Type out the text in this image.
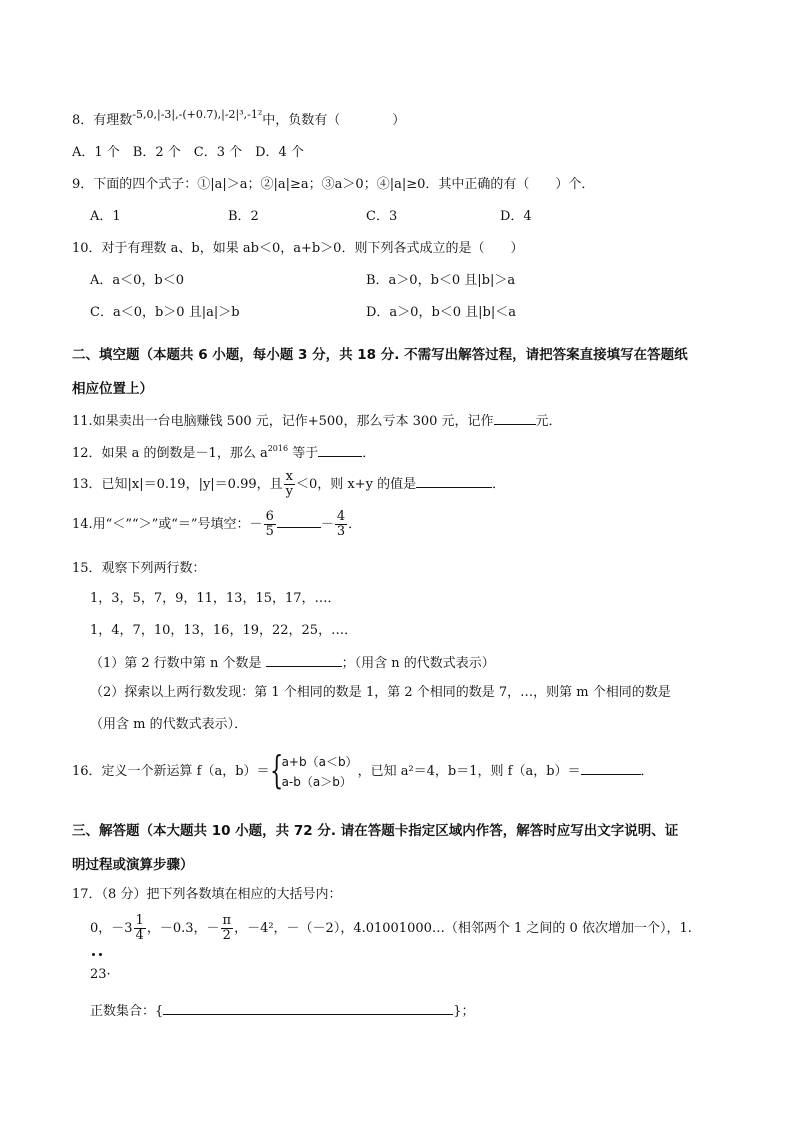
8．有理数$^{-5,0,|-3|,-(+0.7),|-2|^3,-1^2}$中，负数有（　　　　）
A．1 个　B．2 个　C．3 个　D．4 个
9．下面的四个式子：①|a|＞a；②|a|≥a；③a＞0；④|a|≥0．其中正确的有（　　）个．
A．1	B．2	C．3	D．4
10．对于有理数 a、b，如果 ab＜0，a+b＞0．则下列各式成立的是（　　）
A．a＜0，b＜0	B．a＞0，b＜0 且|b|＞a
C．a＜0，b＞0 且|a|＞b	D．a＞0，b＜0 且|b|＜a
二、填空题（本题共 6 小题，每小题 3 分，共 18 分. 不需写出解答过程，请把答案直接填写在答题纸
相应位置上）
11.如果卖出一台电脑赚钱 500 元，记作+500，那么亏本 300 元，记作	元．
12．如果 a 的倒数是－1，那么 $a^{2016}$ 等于	．
13．已知|x|＝0.19，|y|＝0.99，且 $\frac{x}{y} <0$，则 x+y 的值是	．
14.用“＜”“＞”或“＝”号填空：－ $\frac{6}{5}$	－ $\frac{4}{3}$ ．
15．观察下列两行数：
1，3，5，7，9，11，13，15，17，…．
1，4，7，10，13，16，19，22，25，…．
（1）第 2 行数中第 n 个数是	；（用含 n 的代数式表示）
（2）探索以上两行数发现：第 1 个相同的数是 1，第 2 个相同的数是 7，…，则第 m 个相同的数是
（用含 m 的代数式表示）．
16．定义一个新运算 f（a，b）＝ {
a+b（a＜b）
a-b（a＞b）
，已知 a²＝4，b＝1，则 f（a，b）＝	．
三、解答题（本大题共 10 小题，共 72 分. 请在答题卡指定区域内作答，解答时应写出文字说明、证
明过程或演算步骤）
17．（8 分）把下列各数填在相应的大括号内：
0，$-3 \frac{1}{4}$ ，－0.3，－ $\frac{\pi}{2}$ ，－4²，－（－2），4.01001000…（相邻两个 1 之间的 0 依次增加一个），1.
23·
正数集合：{	}；
